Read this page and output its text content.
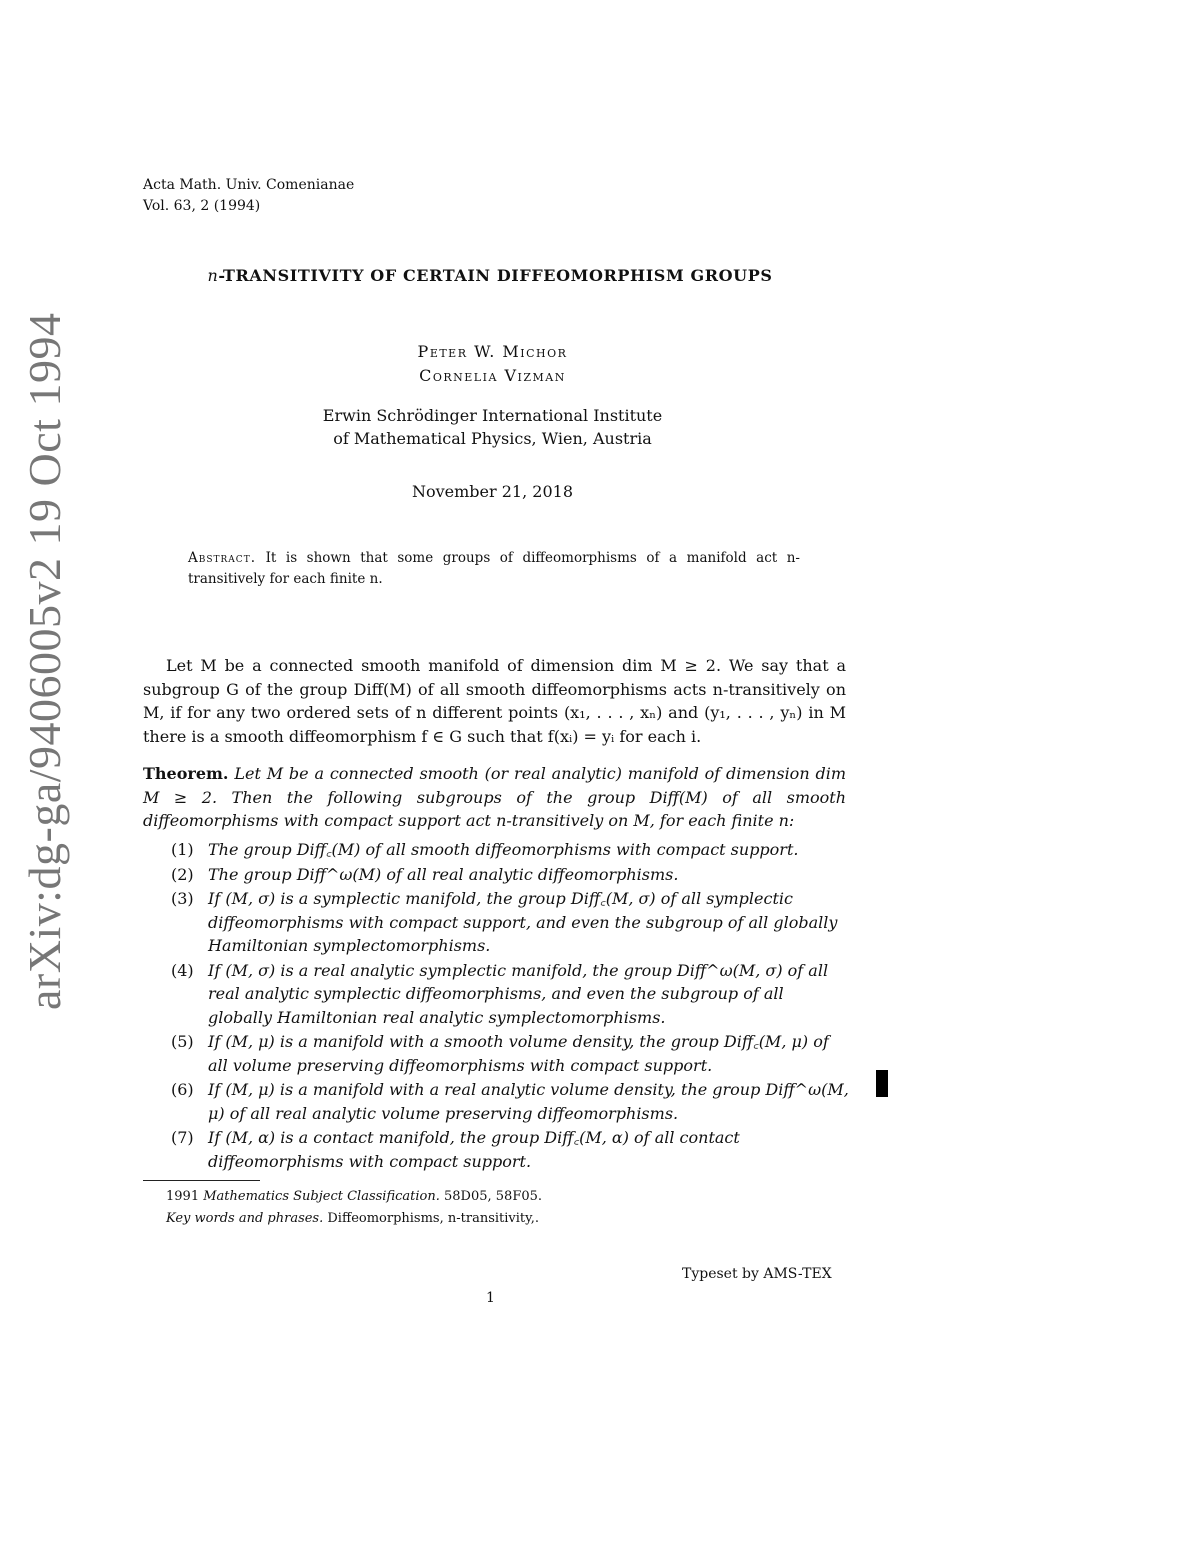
arXiv:dg-ga/9406005v2 19 Oct 1994
Acta Math. Univ. Comenianae
Vol. 63, 2 (1994)
n-TRANSITIVITY OF CERTAIN DIFFEOMORPHISM GROUPS
Peter W. Michor
Cornelia Vizman
Erwin Schrödinger International Institute
of Mathematical Physics, Wien, Austria
November 21, 2018
Abstract. It is shown that some groups of diffeomorphisms of a manifold act n-transitively for each finite n.
Let M be a connected smooth manifold of dimension dim M ≥ 2. We say that a subgroup G of the group Diff(M) of all smooth diffeomorphisms acts n-transitively on M, if for any two ordered sets of n different points (x₁, . . . , xₙ) and (y₁, . . . , yₙ) in M there is a smooth diffeomorphism f ∈ G such that f(xᵢ) = yᵢ for each i.
Theorem. Let M be a connected smooth (or real analytic) manifold of dimension dim M ≥ 2. Then the following subgroups of the group Diff(M) of all smooth diffeomorphisms with compact support act n-transitively on M, for each finite n:
(1) The group Diff꜀(M) of all smooth diffeomorphisms with compact support.
(2) The group Diff^ω(M) of all real analytic diffeomorphisms.
(3) If (M, σ) is a symplectic manifold, the group Diff꜀(M, σ) of all symplectic diffeomorphisms with compact support, and even the subgroup of all globally Hamiltonian symplectomorphisms.
(4) If (M, σ) is a real analytic symplectic manifold, the group Diff^ω(M, σ) of all real analytic symplectic diffeomorphisms, and even the subgroup of all globally Hamiltonian real analytic symplectomorphisms.
(5) If (M, μ) is a manifold with a smooth volume density, the group Diff꜀(M, μ) of all volume preserving diffeomorphisms with compact support.
(6) If (M, μ) is a manifold with a real analytic volume density, the group Diff^ω(M, μ) of all real analytic volume preserving diffeomorphisms.
(7) If (M, α) is a contact manifold, the group Diff꜀(M, α) of all contact diffeomorphisms with compact support.
1991 Mathematics Subject Classification. 58D05, 58F05.
Key words and phrases. Diffeomorphisms, n-transitivity,.
Typeset by AMS-TEX
1
